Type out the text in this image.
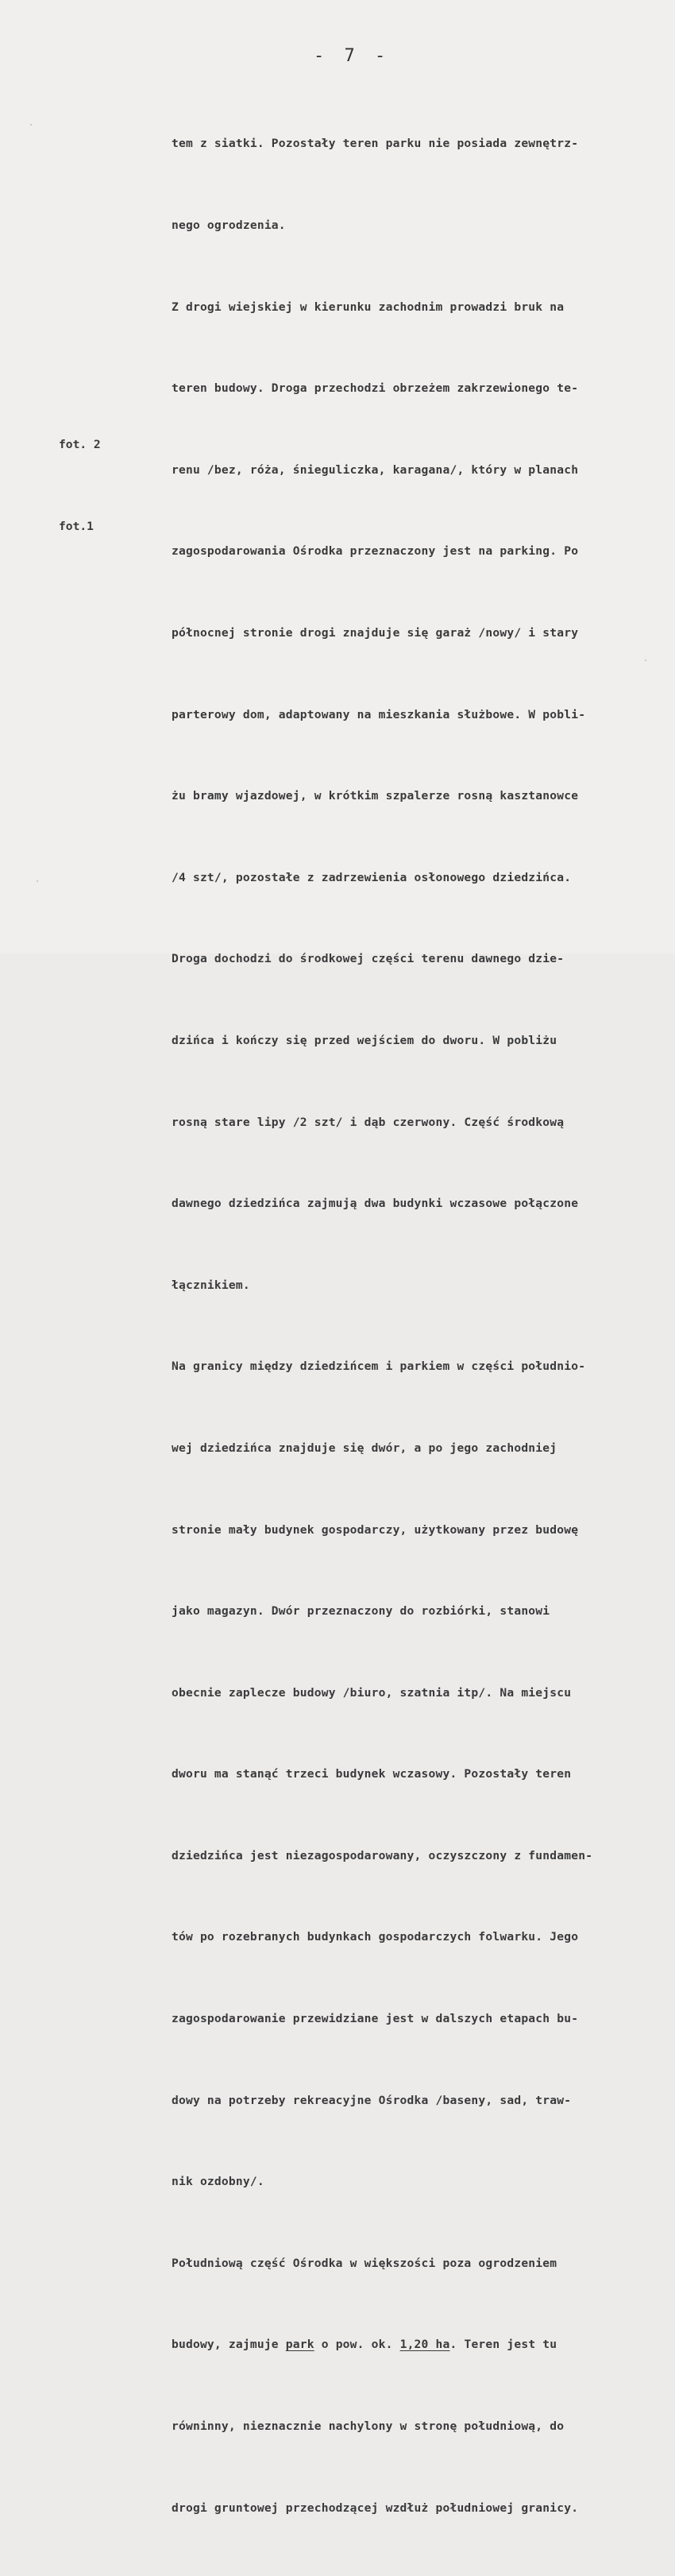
- 7 -
fot. 2
fot.1

tem z siatki. Pozostały teren parku nie posiada zewnętrz-

nego ogrodzenia.

Z drogi wiejskiej w kierunku zachodnim prowadzi bruk na

teren budowy. Droga przechodzi obrzeżem zakrzewionego te-

renu /bez, róża, śnieguliczka, karagana/, który w planach

zagospodarowania Ośrodka przeznaczony jest na parking. Po

północnej stronie drogi znajduje się garaż /nowy/ i stary

parterowy dom, adaptowany na mieszkania służbowe. W pobli-

żu bramy wjazdowej, w krótkim szpalerze rosną kasztanowce

/4 szt/, pozostałe z zadrzewienia osłonowego dziedzińca.

Droga dochodzi do środkowej części terenu dawnego dzie-

dzińca i kończy się przed wejściem do dworu. W pobliżu

rosną stare lipy /2 szt/ i dąb czerwony. Część środkową

dawnego dziedzińca zajmują dwa budynki wczasowe połączone

łącznikiem.

Na granicy między dziedzińcem i parkiem w części południo-

wej dziedzińca znajduje się dwór, a po jego zachodniej

stronie mały budynek gospodarczy, użytkowany przez budowę

jako magazyn. Dwór przeznaczony do rozbiórki, stanowi

obecnie zaplecze budowy /biuro, szatnia itp/. Na miejscu

dworu ma stanąć trzeci budynek wczasowy. Pozostały teren

dziedzińca jest niezagospodarowany, oczyszczony z fundamen-

tów po rozebranych budynkach gospodarczych folwarku. Jego

zagospodarowanie przewidziane jest w dalszych etapach bu-

dowy na potrzeby rekreacyjne Ośrodka /baseny, sad, traw-

nik ozdobny/.

Południową część Ośrodka w większości poza ogrodzeniem

budowy, zajmuje park o pow. ok. 1,20 ha. Teren jest tu

równinny, nieznacznie nachylony w stronę południową, do

drogi gruntowej przechodzącej wzdłuż południowej granicy.
